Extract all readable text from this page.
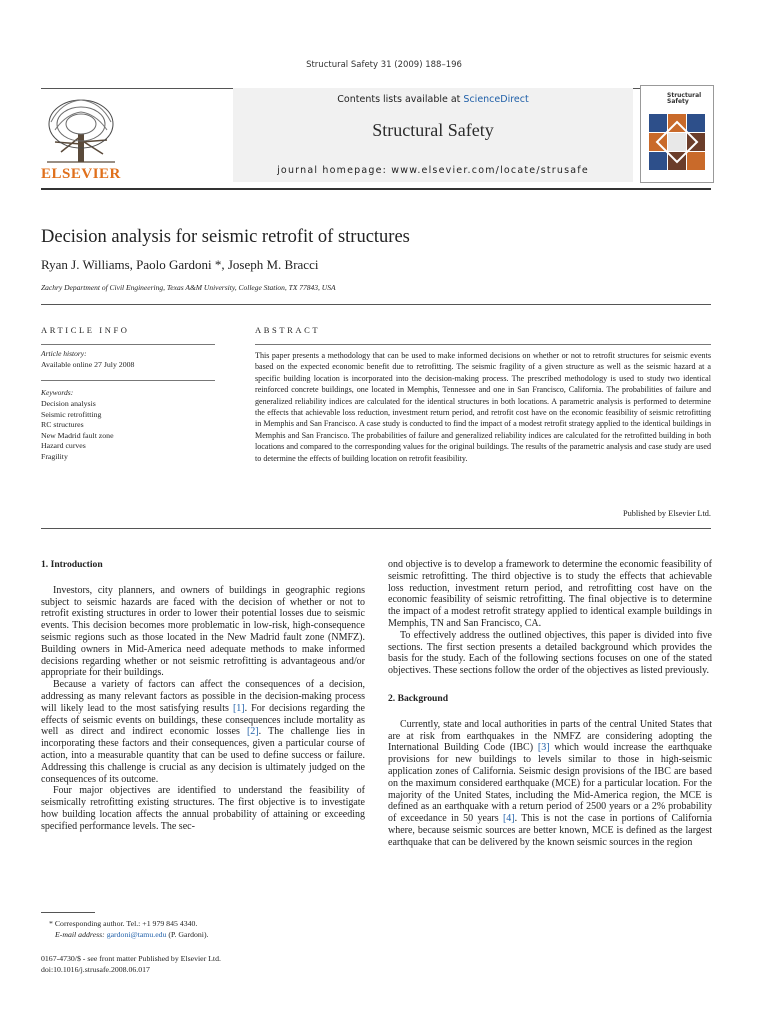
Structural Safety 31 (2009) 188–196
Contents lists available at ScienceDirect
Structural Safety
journal homepage: www.elsevier.com/locate/strusafe
ELSEVIER
Structural Safety
Decision analysis for seismic retrofit of structures
Ryan J. Williams, Paolo Gardoni *, Joseph M. Bracci
Zachry Department of Civil Engineering, Texas A&M University, College Station, TX 77843, USA
ARTICLE INFO	ABSTRACT
Article history:
Available online 27 July 2008
Keywords:
Decision analysis
Seismic retrofitting
RC structures
New Madrid fault zone
Hazard curves
Fragility
This paper presents a methodology that can be used to make informed decisions on whether or not to retrofit structures for seismic events based on the expected economic benefit due to retrofitting. The seismic fragility of a given structure as well as the seismic hazard at a specific building location is incorporated into the decision-making process. The prescribed methodology is used to study two identical reinforced concrete buildings, one located in Memphis, Tennessee and one in San Francisco, California. The probabilities of failure and generalized reliability indices are calculated for the identical structures in both locations. A parametric analysis is performed to determine the effects that achievable loss reduction, investment return period, and retrofit cost have on the economic feasibility of seismic retrofitting in Memphis and San Francisco. A case study is conducted to find the impact of a modest retrofit strategy applied to the identical buildings in Memphis and San Francisco. The probabilities of failure and generalized reliability indices are calculated for the retrofitted building in both locations and compared to the corresponding values for the original buildings. The results of the parametric analysis and case study are used to determine the effects of building location on retrofit feasibility.
Published by Elsevier Ltd.

1. Introduction

Investors, city planners, and owners of buildings in geographic regions subject to seismic hazards are faced with the decision of whether or not to retrofit existing structures in order to lower their potential losses due to seismic events. This decision becomes more problematic in low-risk, high-consequence seismic regions such as those located in the New Madrid fault zone (NMFZ). Building owners in Mid-America need adequate methods to make informed decisions regarding whether or not seismic retrofitting is advantageous and/or appropriate for their buildings.

Because a variety of factors can affect the consequences of a decision, addressing as many relevant factors as possible in the decision-making process will likely lead to the most satisfying results [1]. For decisions regarding the effects of seismic events on buildings, these consequences include mortality as well as direct and indirect economic losses [2]. The challenge lies in incorporating these factors and their consequences, given a particular course of action, into a measurable quantity that can be used to define success or failure. Addressing this challenge is crucial as any decision is ultimately judged on the consequences of its outcome.

Four major objectives are identified to understand the feasibility of seismically retrofitting existing structures. The first objective is to investigate how building location affects the annual probability of attaining or exceeding specified performance levels. The sec-

* Corresponding author. Tel.: +1 979 845 4340.
E-mail address: gardoni@tamu.edu (P. Gardoni).
0167-4730/$ - see front matter Published by Elsevier Ltd.
doi:10.1016/j.strusafe.2008.06.017

ond objective is to develop a framework to determine the economic feasibility of seismic retrofitting. The third objective is to study the effects that achievable loss reduction, investment return period, and retrofitting cost have on the economic feasibility of seismic retrofitting. The final objective is to determine the impact of a modest retrofit strategy applied to identical example buildings in Memphis, TN and San Francisco, CA.

To effectively address the outlined objectives, this paper is divided into five sections. The first section presents a detailed background which provides the basis for the study. Each of the following sections focuses on one of the stated objectives. These sections follow the order of the objectives as listed previously.

2. Background

Currently, state and local authorities in parts of the central United States that are at risk from earthquakes in the NMFZ are considering adopting the International Building Code (IBC) [3] which would increase the earthquake provisions for new buildings to levels similar to those in high-seismic application zones of California. Seismic design provisions of the IBC are based on the maximum considered earthquake (MCE) for a particular location. For the majority of the United States, including the Mid-America region, the MCE is defined as an earthquake with a return period of 2500 years or a 2% probability of exceedance in 50 years [4]. This is not the case in portions of California where, because seismic sources are better known, MCE is defined as the largest earthquake that can be delivered by the known seismic sources in the region
